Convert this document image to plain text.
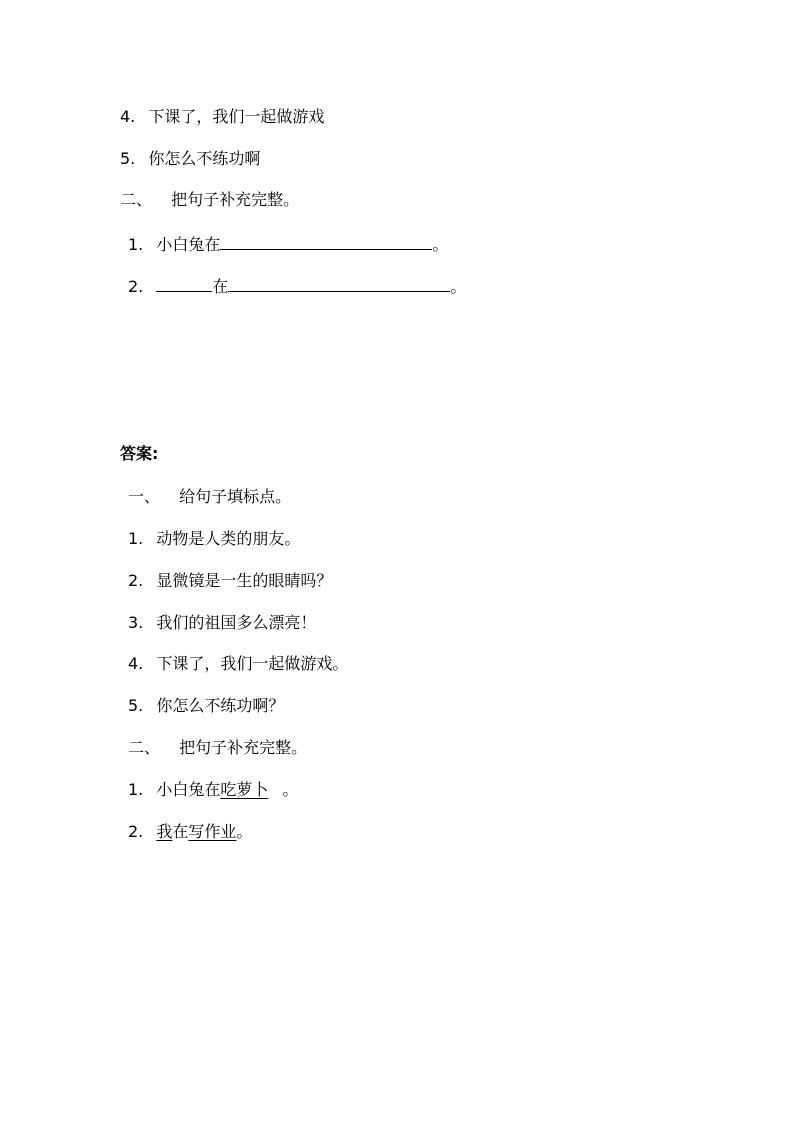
4. 下课了，我们一起做游戏
5. 你怎么不练功啊
二、 把句子补充完整。
1. 小白兔在	。
2.	在	。
答案:
一、 给句子填标点。
1. 动物是人类的朋友。
2. 显微镜是一生的眼睛吗？
3. 我们的祖国多么漂亮！
4. 下课了，我们一起做游戏。
5. 你怎么不练功啊？
二、 把句子补充完整。
1. 小白兔在吃萝卜 。
2. 我在写作业。
